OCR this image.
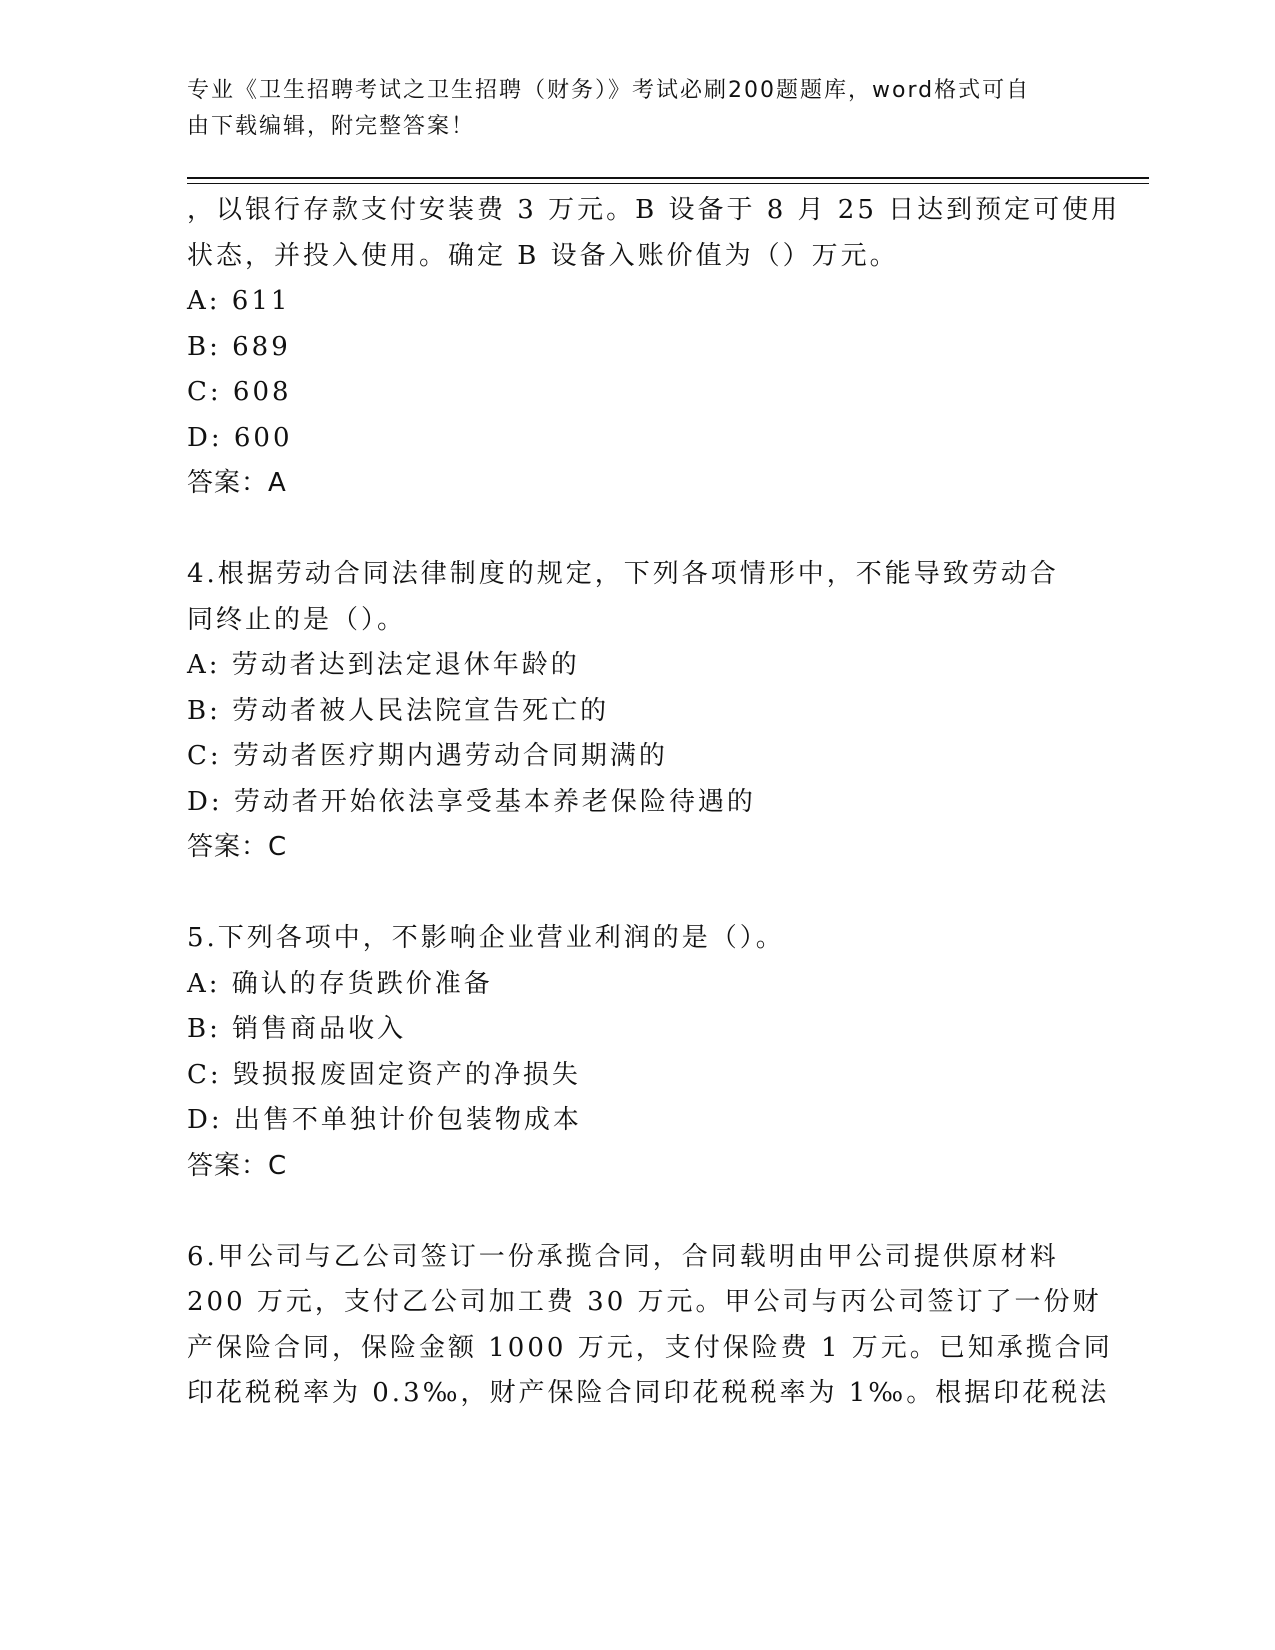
专业《卫生招聘考试之卫生招聘（财务）》考试必刷200题题库，word格式可自
由下载编辑，附完整答案！
，以银行存款支付安装费 3 万元。B 设备于 8 月 25 日达到预定可使用
状态，并投入使用。确定 B 设备入账价值为（）万元。
A: 611
B: 689
C: 608
D: 600
答案：A
4.根据劳动合同法律制度的规定，下列各项情形中，不能导致劳动合
同终止的是（）。
A: 劳动者达到法定退休年龄的
B: 劳动者被人民法院宣告死亡的
C: 劳动者医疗期内遇劳动合同期满的
D: 劳动者开始依法享受基本养老保险待遇的
答案：C
5.下列各项中，不影响企业营业利润的是（）。
A: 确认的存货跌价准备
B: 销售商品收入
C: 毁损报废固定资产的净损失
D: 出售不单独计价包装物成本
答案：C
6.甲公司与乙公司签订一份承揽合同，合同载明由甲公司提供原材料
200 万元，支付乙公司加工费 30 万元。甲公司与丙公司签订了一份财
产保险合同，保险金额 1000 万元，支付保险费 1 万元。已知承揽合同
印花税税率为 0.3‰，财产保险合同印花税税率为 1‰。根据印花税法
